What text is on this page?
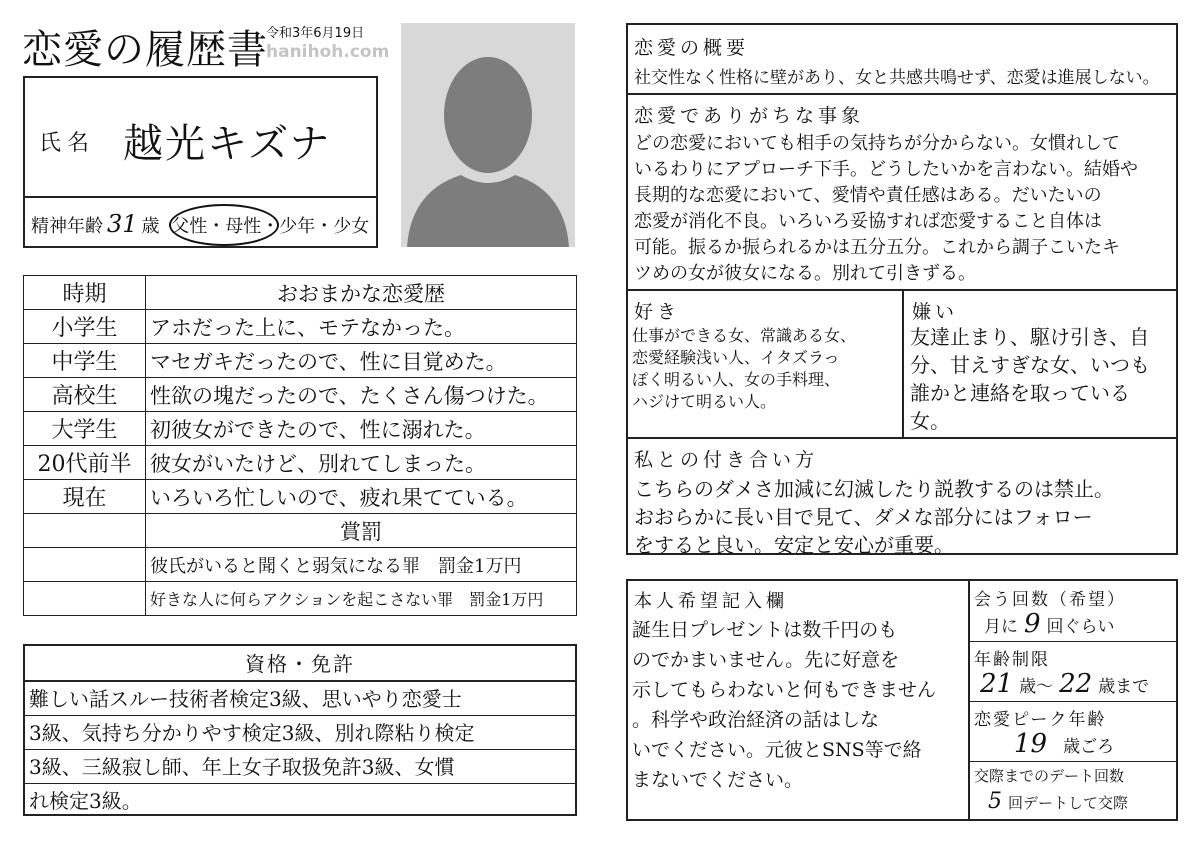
恋愛の履歴書
令和3年6月19日
hanihoh.com
氏名 越光キズナ
精神年齢 31 歳 父性・母性・少年・少女
時期	おおまかな恋愛歴
小学生	アホだった上に、モテなかった。
中学生	マセガキだったので、性に目覚めた。
高校生	性欲の塊だったので、たくさん傷つけた。
大学生	初彼女ができたので、性に溺れた。
20代前半	彼女がいたけど、別れてしまった。
現在	いろいろ忙しいので、疲れ果てている。
	賞罰
	彼氏がいると聞くと弱気になる罪　罰金1万円
	好きな人に何らアクションを起こさない罪　罰金1万円
資格・免許
難しい話スルー技術者検定3級、思いやり恋愛士
3級、気持ち分かりやす検定3級、別れ際粘り検定
3級、三級寂し師、年上女子取扱免許3級、女慣
れ検定3級。
恋愛の概要
社交性なく性格に壁があり、女と共感共鳴せず、恋愛は進展しない。
恋愛でありがちな事象
どの恋愛においても相手の気持ちが分からない。女慣れして
いるわりにアプローチ下手。どうしたいかを言わない。結婚や
長期的な恋愛において、愛情や責任感はある。だいたいの
恋愛が消化不良。いろいろ妥協すれば恋愛すること自体は
可能。振るか振られるかは五分五分。これから調子こいたキ
ツめの女が彼女になる。別れて引きずる。
好き
仕事ができる女、常識ある女、
恋愛経験浅い人、イタズラっ
ぽく明るい人、女の手料理、
ハジけて明るい人。
嫌い
友達止まり、駆け引き、自
分、甘えすぎな女、いつも
誰かと連絡を取っている
女。
私との付き合い方
こちらのダメさ加減に幻滅したり説教するのは禁止。
おおらかに長い目で見て、ダメな部分にはフォロー
をすると良い。安定と安心が重要。
本人希望記入欄
誕生日プレゼントは数千円のも
のでかまいません。先に好意を
示してもらわないと何もできません
。科学や政治経済の話はしな
いでください。元彼とSNS等で絡
まないでください。
会う回数（希望）
月に 9 回ぐらい
年齢制限
21 歳〜 22 歳まで
恋愛ピーク年齢
19 歳ごろ
交際までのデート回数
5 回デートして交際
